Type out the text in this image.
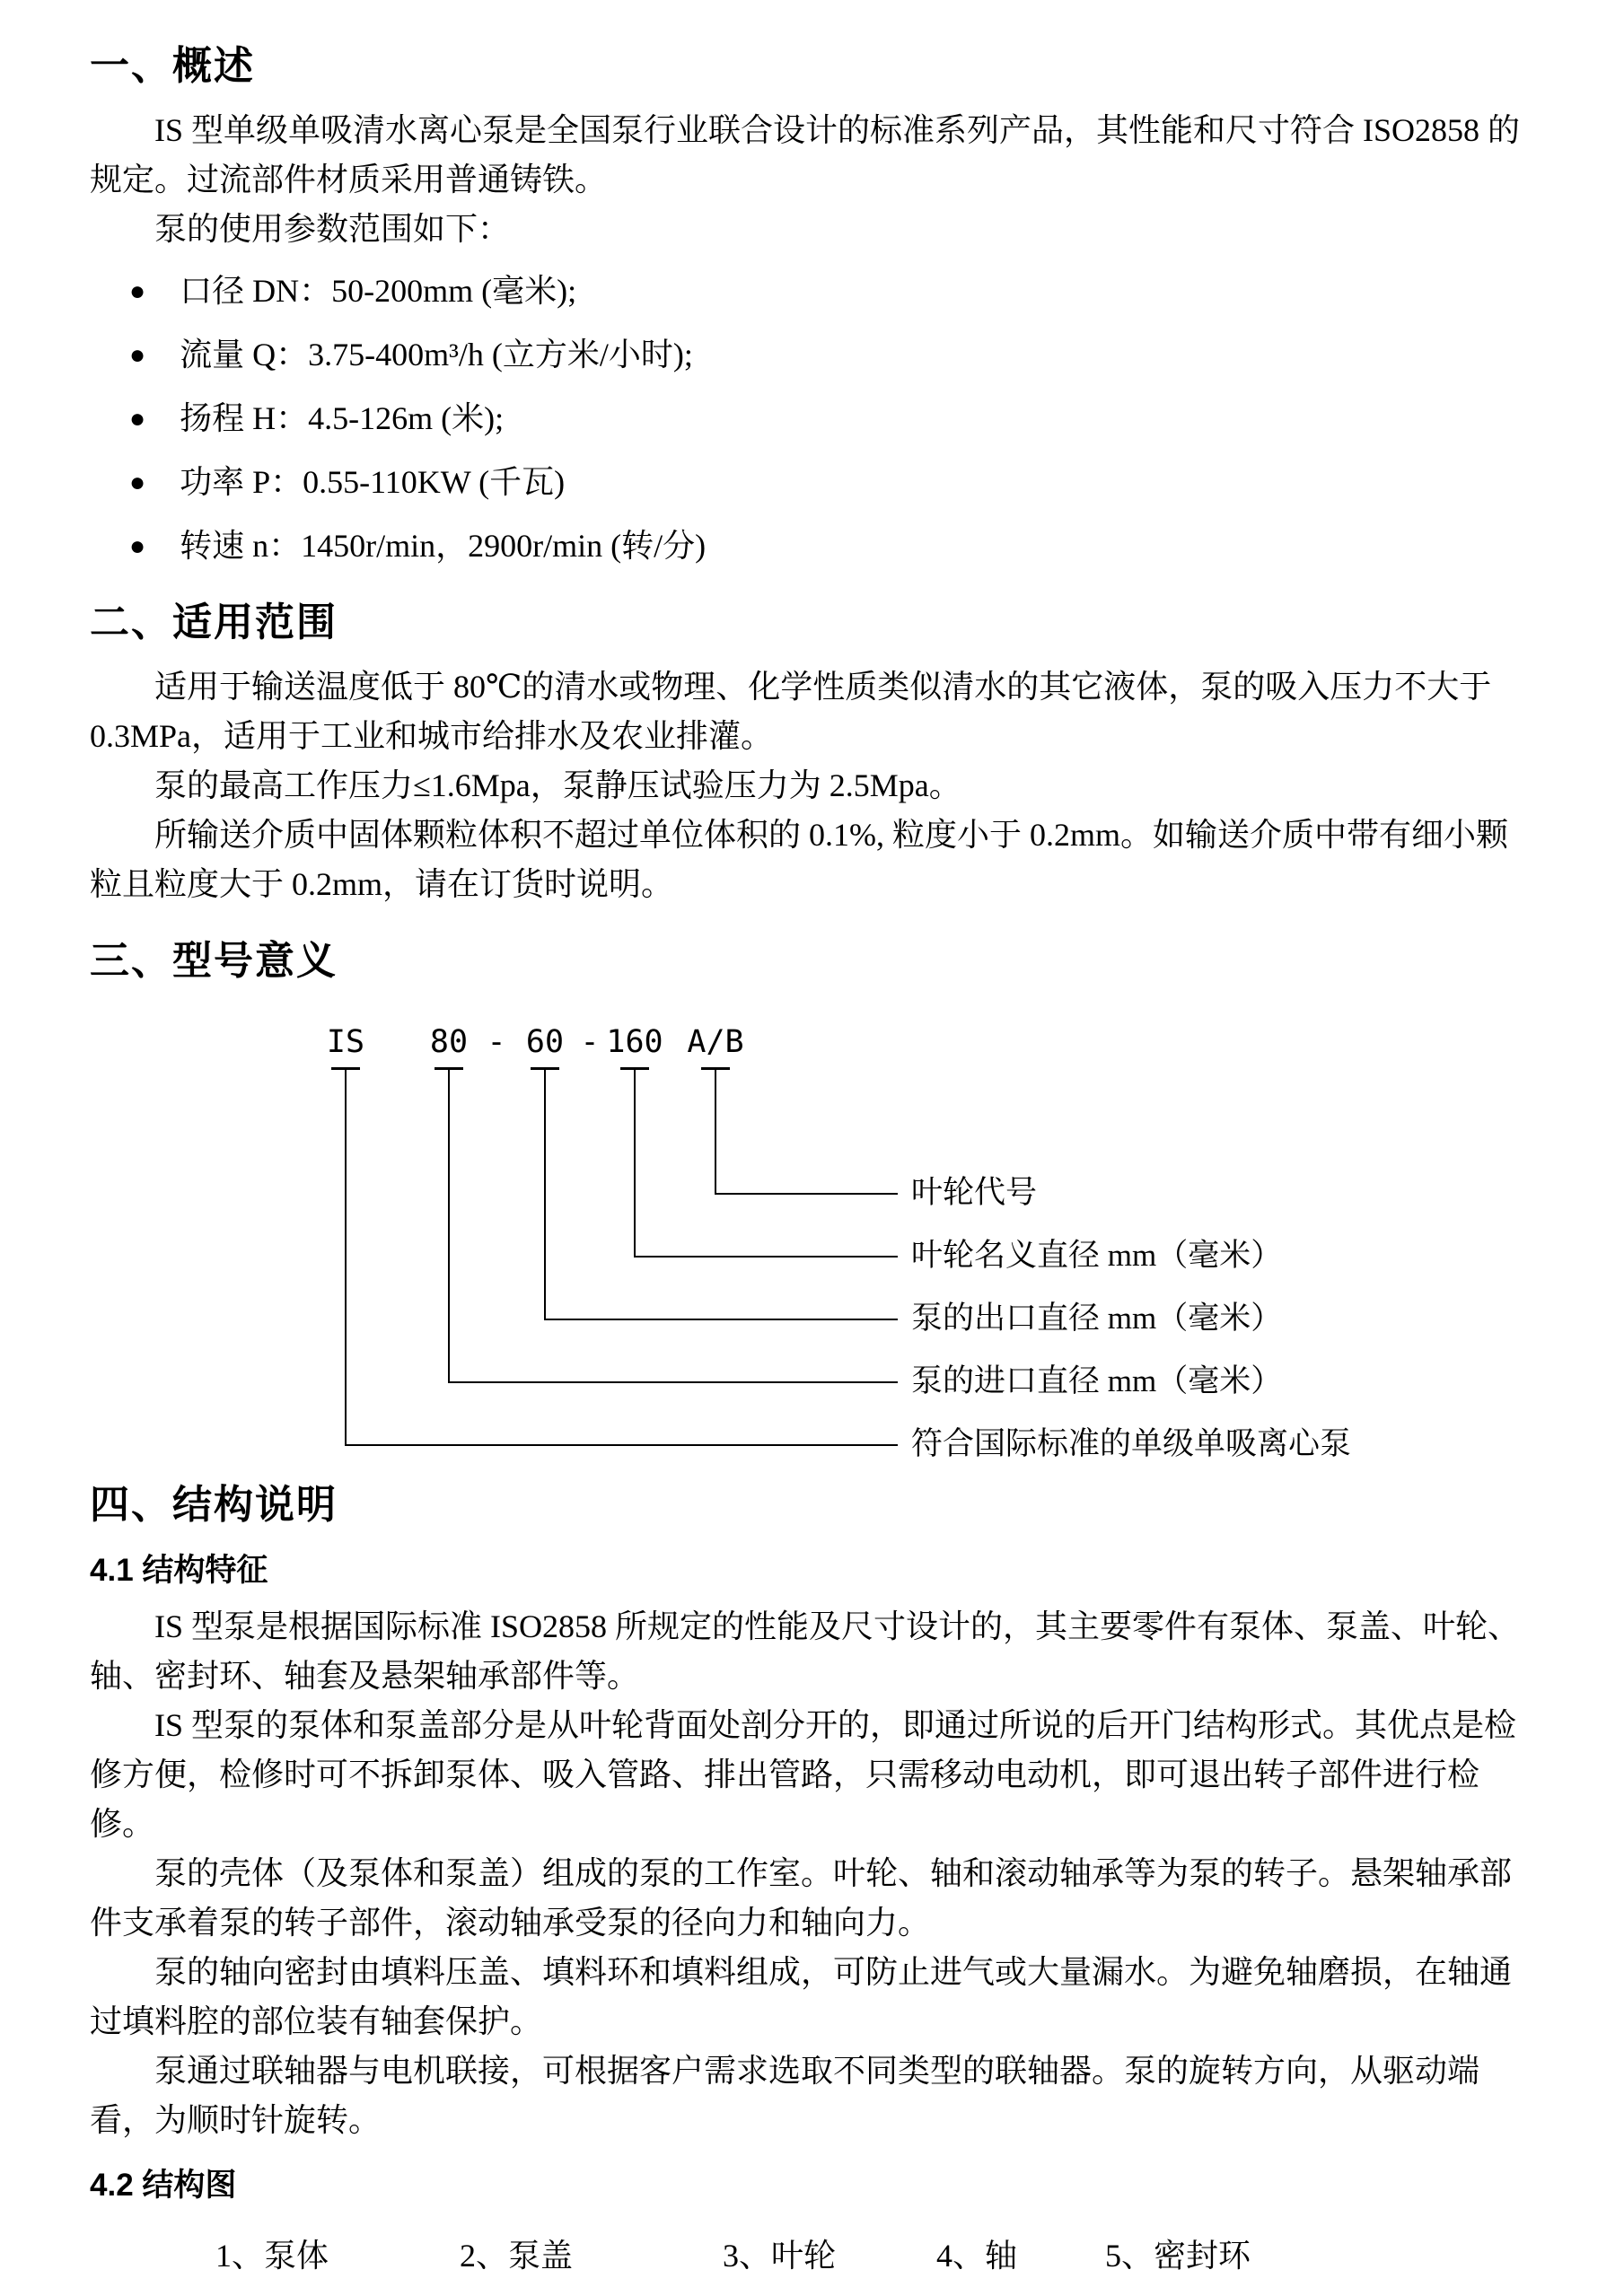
一、概述

IS 型单级单吸清水离心泵是全国泵行业联合设计的标准系列产品，其性能和尺寸符合 ISO2858 的规定。过流部件材质采用普通铸铁。

泵的使用参数范围如下：

● 口径 DN：50-200mm (毫米);
● 流量 Q：3.75-400m³/h (立方米/小时);
● 扬程 H：4.5-126m (米);
● 功率 P：0.55-110KW (千瓦)
● 转速 n：1450r/min，2900r/min (转/分)
二、适用范围

适用于输送温度低于 80℃的清水或物理、化学性质类似清水的其它液体，泵的吸入压力不大于 0.3MPa，适用于工业和城市给排水及农业排灌。

泵的最高工作压力≤1.6Mpa，泵静压试验压力为 2.5Mpa。

所输送介质中固体颗粒体积不超过单位体积的 0.1%, 粒度小于 0.2mm。如输送介质中带有细小颗粒且粒度大于 0.2mm，请在订货时说明。

三、型号意义
IS 80 - 60 - 160 A/B
叶轮代号
叶轮名义直径 mm（毫米）
泵的出口直径 mm（毫米）
泵的进口直径 mm（毫米）
符合国际标准的单级单吸离心泵
四、结构说明
4.1 结构特征

IS 型泵是根据国际标准 ISO2858 所规定的性能及尺寸设计的，其主要零件有泵体、泵盖、叶轮、轴、密封环、轴套及悬架轴承部件等。

IS 型泵的泵体和泵盖部分是从叶轮背面处剖分开的，即通过所说的后开门结构形式。其优点是检修方便，检修时可不拆卸泵体、吸入管路、排出管路，只需移动电动机，即可退出转子部件进行检修。

泵的壳体（及泵体和泵盖）组成的泵的工作室。叶轮、轴和滚动轴承等为泵的转子。悬架轴承部件支承着泵的转子部件，滚动轴承受泵的径向力和轴向力。

泵的轴向密封由填料压盖、填料环和填料组成，可防止进气或大量漏水。为避免轴磨损，在轴通过填料腔的部位装有轴套保护。

泵通过联轴器与电机联接，可根据客户需求选取不同类型的联轴器。泵的旋转方向，从驱动端看，为顺时针旋转。

4.2 结构图
1、泵体	2、泵盖	3、叶轮	4、轴	5、密封环
